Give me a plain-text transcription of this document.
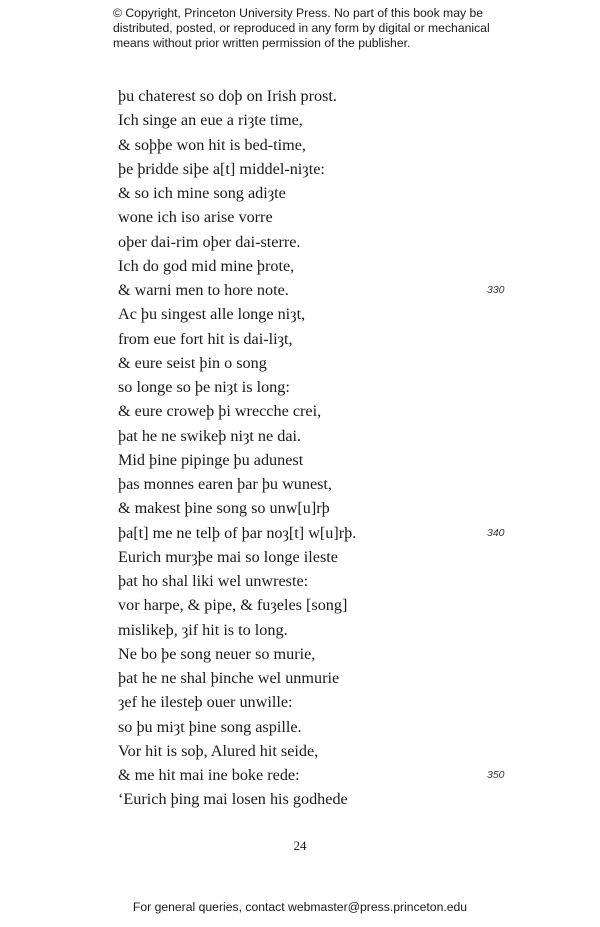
© Copyright, Princeton University Press. No part of this book may be
distributed, posted, or reproduced in any form by digital or mechanical
means without prior written permission of the publisher.
þu chaterest so doþ on Irish prost.
Ich singe an eue a riȝte time,
& soþþe won hit is bed-time,
þe þridde siþe a[t] middel-niȝte:
& so ich mine song adiȝte
wone ich iso arise vorre
oþer dai-rim oþer dai-sterre.
Ich do god mid mine þrote,
& warni men to hore note.	330
Ac þu singest alle longe niȝt,
from eue fort hit is dai-liȝt,
& eure seist þin o song
so longe so þe niȝt is long:
& eure croweþ þi wrecche crei,
þat he ne swikeþ niȝt ne dai.
Mid þine pipinge þu adunest
þas monnes earen þar þu wunest,
& makest þine song so unw[u]rþ
þa[t] me ne telþ of þar noȝ[t] w[u]rþ.	340
Eurich murȝþe mai so longe ileste
þat ho shal liki wel unwreste:
vor harpe, & pipe, & fuȝeles [song]
mislikeþ, ȝif hit is to long.
Ne bo þe song neuer so murie,
þat he ne shal þinche wel unmurie
ȝef he ilesteþ ouer unwille:
so þu miȝt þine song aspille.
Vor hit is soþ, Alured hit seide,
& me hit mai ine boke rede:	350
‘Eurich þing mai losen his godhede
24
For general queries, contact webmaster@press.princeton.edu
